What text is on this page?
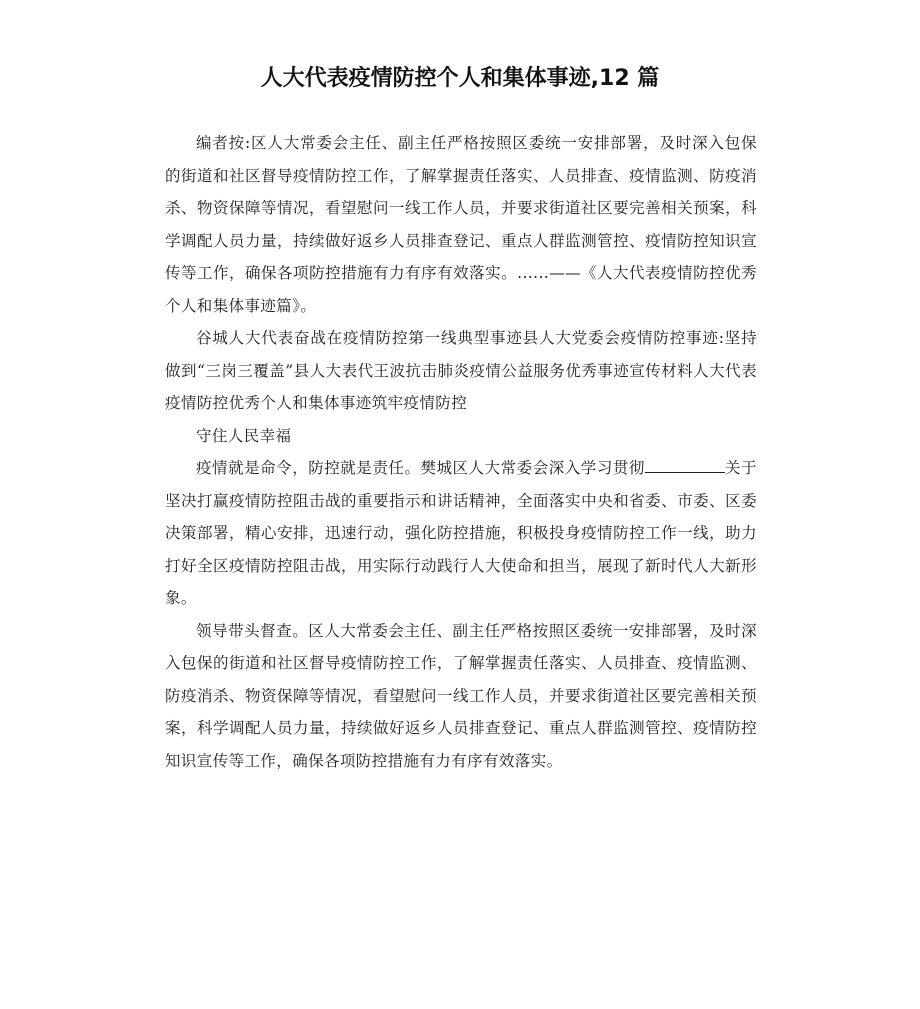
人大代表疫情防控个人和集体事迹,12 篇

编者按:区人大常委会主任、副主任严格按照区委统一安排部署，及时深入包保的街道和社区督导疫情防控工作，了解掌握责任落实、人员排查、疫情监测、防疫消杀、物资保障等情况，看望慰问一线工作人员，并要求街道社区要完善相关预案，科学调配人员力量，持续做好返乡人员排查登记、重点人群监测管控、疫情防控知识宣传等工作，确保各项防控措施有力有序有效落实。......——《人大代表疫情防控优秀个人和集体事迹篇》。

谷城人大代表奋战在疫情防控第一线典型事迹县人大党委会疫情防控事迹:坚持做到“三岗三覆盖”县人大表代王波抗击肺炎疫情公益服务优秀事迹宣传材料人大代表疫情防控优秀个人和集体事迹筑牢疫情防控

守住人民幸福

疫情就是命令，防控就是责任。樊城区人大常委会深入学习贯彻	关于坚决打赢疫情防控阻击战的重要指示和讲话精神，全面落实中央和省委、市委、区委决策部署，精心安排，迅速行动，强化防控措施，积极投身疫情防控工作一线，助力打好全区疫情防控阻击战，用实际行动践行人大使命和担当，展现了新时代人大新形象。

领导带头督查。区人大常委会主任、副主任严格按照区委统一安排部署，及时深入包保的街道和社区督导疫情防控工作，了解掌握责任落实、人员排查、疫情监测、防疫消杀、物资保障等情况，看望慰问一线工作人员，并要求街道社区要完善相关预案，科学调配人员力量，持续做好返乡人员排查登记、重点人群监测管控、疫情防控知识宣传等工作，确保各项防控措施有力有序有效落实。
